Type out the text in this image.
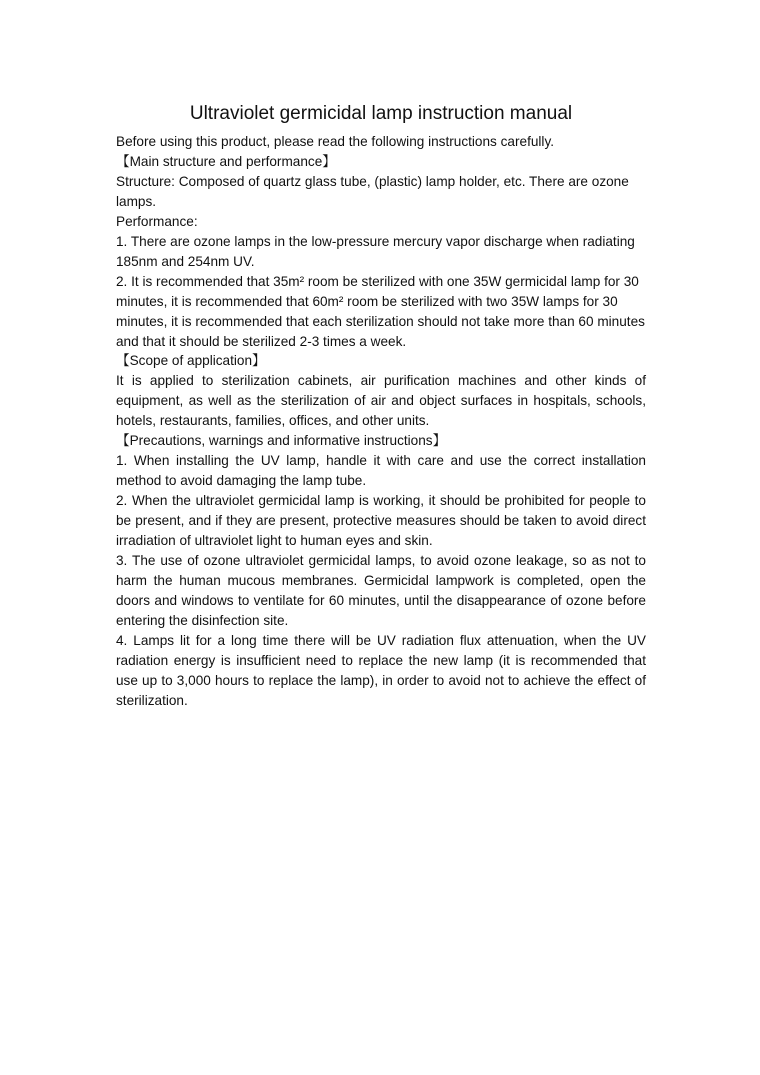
Ultraviolet germicidal lamp instruction manual

Before using this product, please read the following instructions carefully.

【Main structure and performance】

Structure: Composed of quartz glass tube, (plastic) lamp holder, etc. There are ozone lamps.

Performance:

1. There are ozone lamps in the low-pressure mercury vapor discharge when radiating 185nm and 254nm UV.

2. It is recommended that 35m² room be sterilized with one 35W germicidal lamp for 30 minutes, it is recommended that 60m² room be sterilized with two 35W lamps for 30 minutes, it is recommended that each sterilization should not take more than 60 minutes and that it should be sterilized 2-3 times a week.

【Scope of application】

It is applied to sterilization cabinets, air purification machines and other kinds of equipment, as well as the sterilization of air and object surfaces in hospitals, schools, hotels, restaurants, families, offices, and other units.

【Precautions, warnings and informative instructions】

1. When installing the UV lamp, handle it with care and use the correct installation method to avoid damaging the lamp tube.

2. When the ultraviolet germicidal lamp is working, it should be prohibited for people to be present, and if they are present, protective measures should be taken to avoid direct irradiation of ultraviolet light to human eyes and skin.

3. The use of ozone ultraviolet germicidal lamps, to avoid ozone leakage, so as not to harm the human mucous membranes. Germicidal lampwork is completed, open the doors and windows to ventilate for 60 minutes, until the disappearance of ozone before entering the disinfection site.

4. Lamps lit for a long time there will be UV radiation flux attenuation, when the UV radiation energy is insufficient need to replace the new lamp (it is recommended that use up to 3,000 hours to replace the lamp), in order to avoid not to achieve the effect of sterilization.
